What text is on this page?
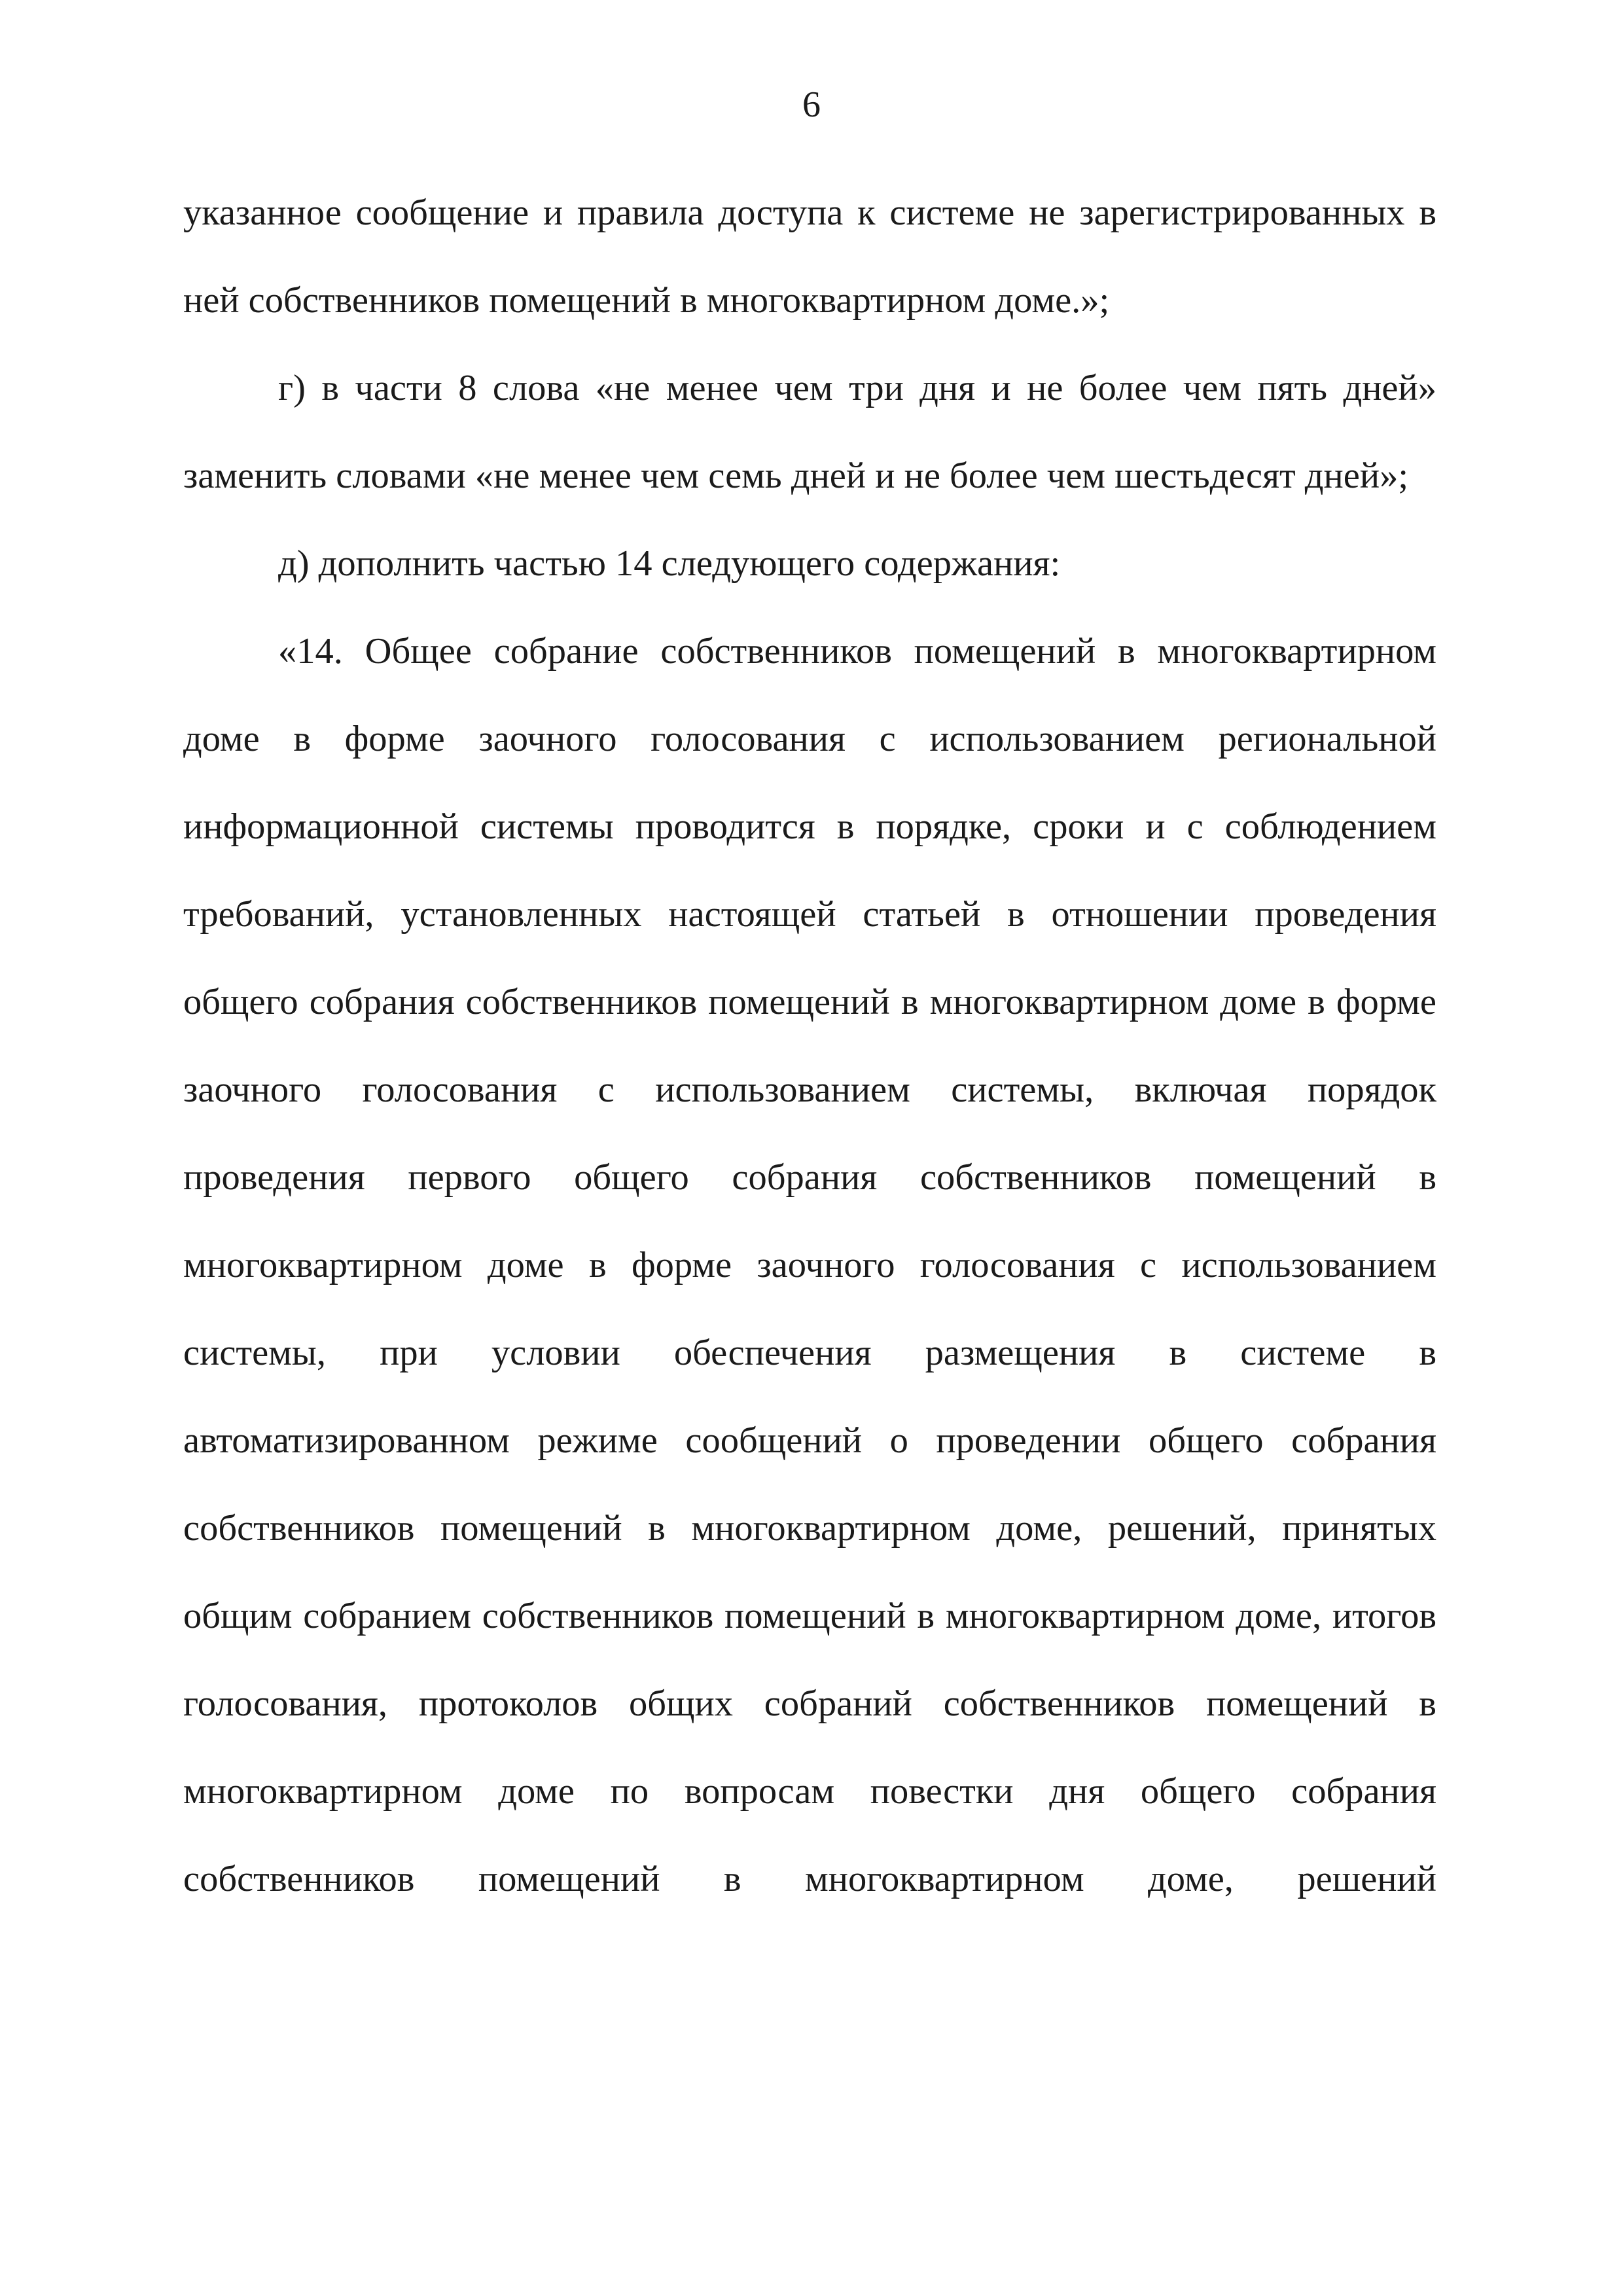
6

указанное сообщение и правила доступа к системе не зарегистрированных в ней собственников помещений в многоквартирном доме.»;

г) в части 8 слова «не менее чем три дня и не более чем пять дней» заменить словами «не менее чем семь дней и не более чем шестьдесят дней»;

д) дополнить частью 14 следующего содержания:

«14. Общее собрание собственников помещений в многоквартирном доме в форме заочного голосования с использованием региональной информационной системы проводится в порядке, сроки и с соблюдением требований, установленных настоящей статьей в отношении проведения общего собрания собственников помещений в многоквартирном доме в форме заочного голосования с использованием системы, включая порядок проведения первого общего собрания собственников помещений в многоквартирном доме в форме заочного голосования с использованием системы, при условии обеспечения размещения в системе в автоматизированном режиме сообщений о проведении общего собрания собственников помещений в многоквартирном доме, решений, принятых общим собранием собственников помещений в многоквартирном доме, итогов голосования, протоколов общих собраний собственников помещений в многоквартирном доме по вопросам повестки дня общего собрания собственников помещений в многоквартирном доме, решений
